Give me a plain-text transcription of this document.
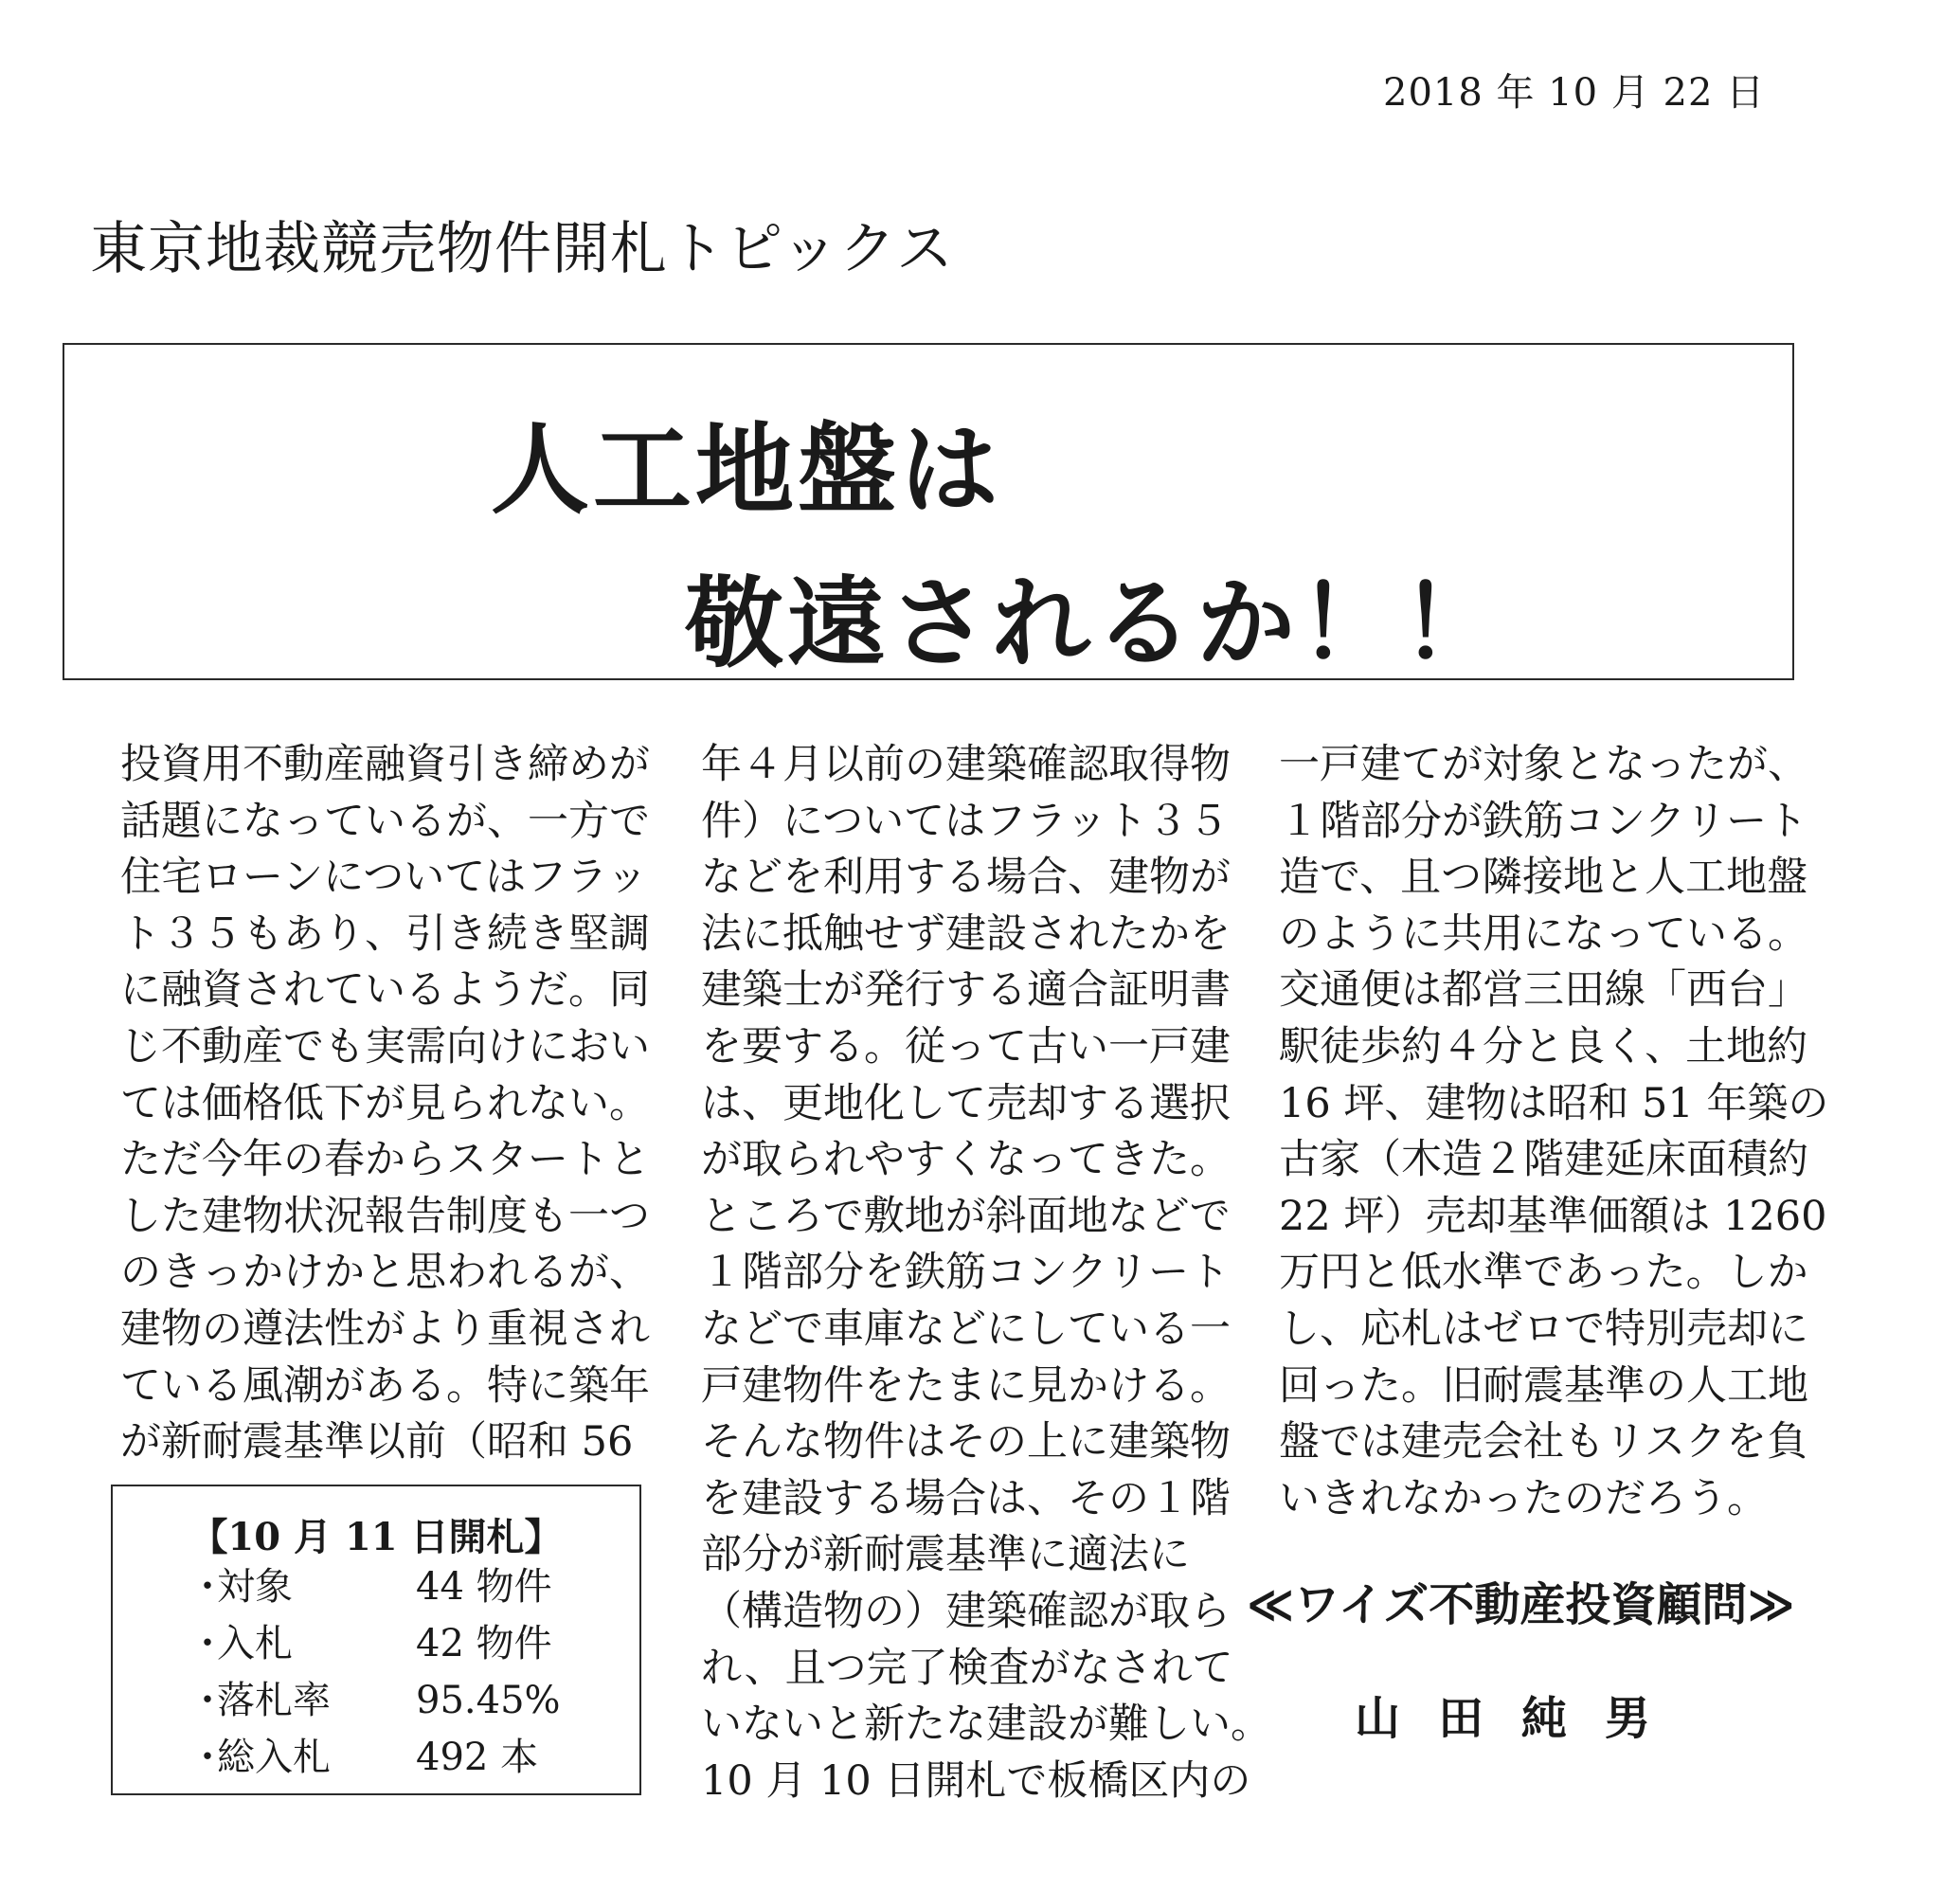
2018 年 10 月 22 日
東京地裁競売物件開札トピックス
人工地盤は
敬遠されるか！！
投資用不動産融資引き締めが
話題になっているが、一方で
住宅ローンについてはフラッ
ト３５もあり、引き続き堅調
に融資されているようだ。同
じ不動産でも実需向けにおい
ては価格低下が見られない。
ただ今年の春からスタートと
した建物状況報告制度も一つ
のきっかけかと思われるが、
建物の遵法性がより重視され
ている風潮がある。特に築年
が新耐震基準以前（昭和 56
年４月以前の建築確認取得物
件）についてはフラット３５
などを利用する場合、建物が
法に抵触せず建設されたかを
建築士が発行する適合証明書
を要する。従って古い一戸建
は、更地化して売却する選択
が取られやすくなってきた。
ところで敷地が斜面地などで
１階部分を鉄筋コンクリート
などで車庫などにしている一
戸建物件をたまに見かける。
そんな物件はその上に建築物
を建設する場合は、その１階
部分が新耐震基準に適法に
（構造物の）建築確認が取ら
れ、且つ完了検査がなされて
いないと新たな建設が難しい。
10 月 10 日開札で板橋区内の
一戸建てが対象となったが、
１階部分が鉄筋コンクリート
造で、且つ隣接地と人工地盤
のように共用になっている。
交通便は都営三田線「西台」
駅徒歩約４分と良く、土地約
16 坪、建物は昭和 51 年築の
古家（木造２階建延床面積約
22 坪）売却基準価額は 1260
万円と低水準であった。しか
し、応札はゼロで特別売却に
回った。旧耐震基準の人工地
盤では建売会社もリスクを負
いきれなかったのだろう。
【10 月 11 日開札】
・
対象	44 物件
・
入札	42 物件
・
落札率 95.45%
・
総入札 492 本
≪ワイズ不動産投資顧問≫
山田純男
